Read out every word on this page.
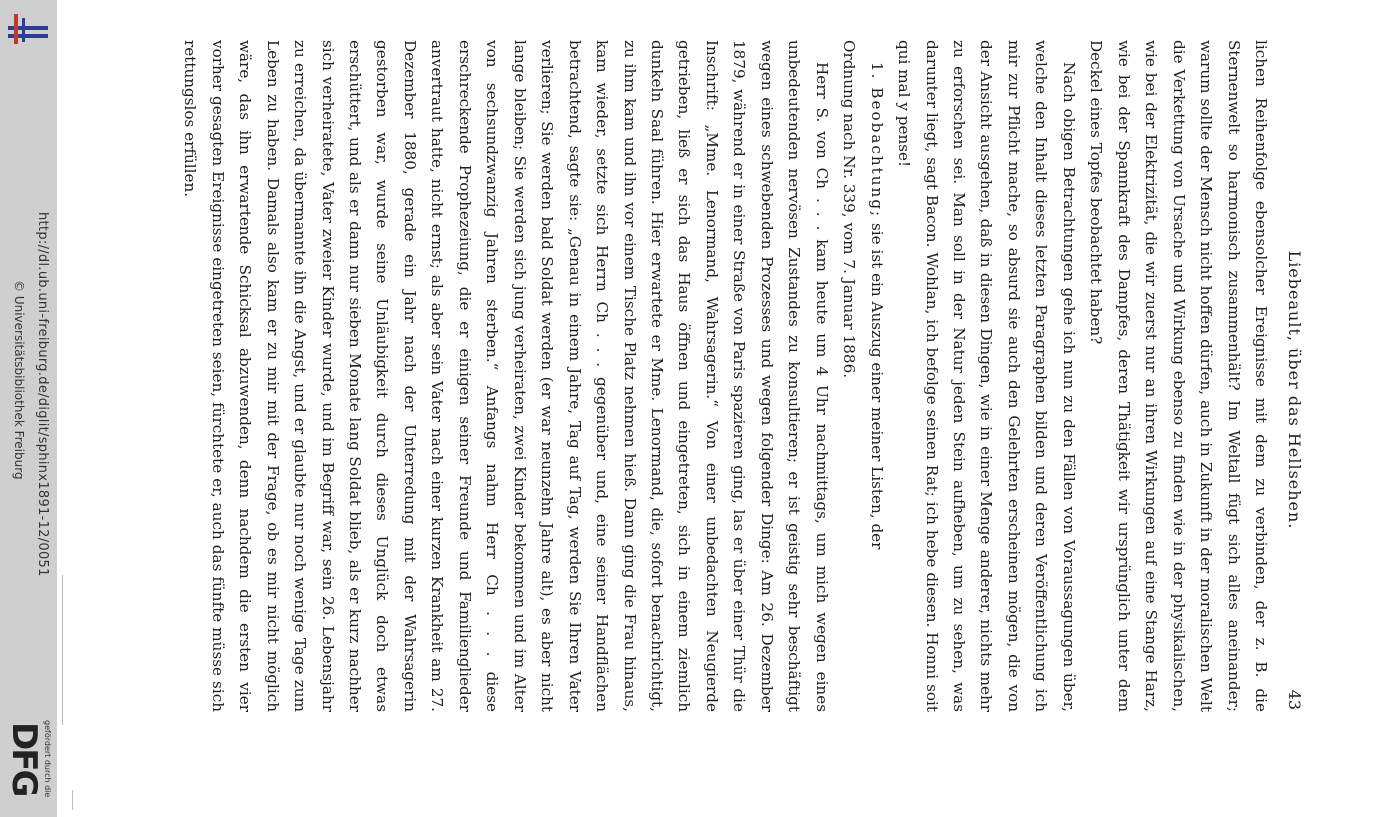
http://dl.ub.uni-freiburg.de/diglit/sphinx1891-12/0051
© Universitätsbibliothek Freiburg
gefördert durch die
DFG
Liebeault, über das Hellsehen.
43

lichen Reihenfolge ebensolcher Ereignisse mit dem zu verbinden, der z. B. die Sternenwelt so harmonisch zusammenhält? Im Weltall fügt sich alles aneinander; warum sollte der Mensch nicht hoffen dürfen, auch in Zukunft in der moralischen Welt die Verkettung von Ursache und Wirkung ebenso zu finden wie in der physikalischen, wie bei der Elektrizität, die wir zuerst nur an ihren Wirkungen auf eine Stange Harz, wie bei der Spannkraft des Dampfes, deren Thätigkeit wir ursprünglich unter dem Deckel eines Topfes beobachtet haben?

Nach obigen Betrachtungen gehe ich nun zu den Fällen von Voraussagungen über, welche den Inhalt dieses letzten Paragraphen bilden und deren Veröffentlichung ich mir zur Pflicht mache, so absurd sie auch den Gelehrten erscheinen mögen, die von der Ansicht ausgehen, daß in diesen Dingen, wie in einer Menge anderer, nichts mehr zu erforschen sei. Man soll in der Natur jeden Stein aufheben, um zu sehen, was darunter liegt, sagt Bacon. Wohlan, ich befolge seinen Rat; ich hebe diesen. Honni soit qui mal y pense!

1. Beobachtung; sie ist ein Auszug einer meiner Listen, der

Ordnung nach Nr. 339, vom 7. Januar 1886.

Herr S. von Ch . . . kam heute um 4 Uhr nachmittags, um mich wegen eines unbedeutenden nervösen Zustandes zu konsultieren; er ist geistig sehr beschäftigt wegen eines schwebenden Prozesses und wegen folgender Dinge: Am 26. Dezember 1879, während er in einer Straße von Paris spazieren ging, las er über einer Thür die Inschrift: „Mme. Lenormand, Wahrsagerin.“ Von einer unbedachten Neugierde getrieben, ließ er sich das Haus öffnen und eingetreten, sich in einem ziemlich dunkeln Saal führen. Hier erwartete er Mme. Lenormand, die, sofort benachrichtigt, zu ihm kam und ihn vor einem Tische Platz nehmen hieß. Dann ging die Frau hinaus, kam wieder, setzte sich Herrn Ch . . . gegenüber und, eine seiner Handflächen betrachtend, sagte sie: „Genau in einem Jahre, Tag auf Tag, werden Sie Ihren Vater verlieren; Sie werden bald Soldat werden (er war neunzehn Jahre alt), es aber nicht lange bleiben; Sie werden sich jung verheiraten, zwei Kinder bekommen und im Alter von sechsundzwanzig Jahren sterben.“ Anfangs nahm Herr Ch . . . diese erschreckende Prophezeiung, die er einigen seiner Freunde und Familienglieder anvertraut hatte, nicht ernst; als aber sein Vater nach einer kurzen Krankheit am 27. Dezember 1880, gerade ein Jahr nach der Unterredung mit der Wahrsagerin gestorben war, wurde seine Unläubigkeit durch dieses Unglück doch etwas erschüttert, und als er dann nur sieben Monate lang Soldat blieb, als er kurz nachher sich verheiratete, Vater zweier Kinder wurde, und im Begriff war, sein 26. Lebensjahr zu erreichen, da übermannte ihn die Angst, und er glaubte nur noch wenige Tage zum Leben zu haben. Damals also kam er zu mir mit der Frage, ob es mir nicht möglich wäre, das ihn erwartende Schicksal abzuwenden, denn nachdem die ersten vier vorher gesagten Ereignisse eingetreten seien, fürchtete er, auch das fünfte müsse sich rettungslos erfüllen.
